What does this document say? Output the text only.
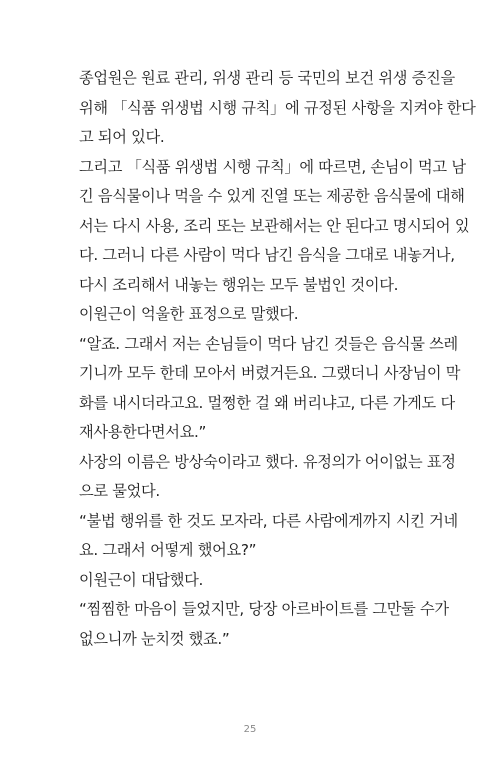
종업원은 원료 관리, 위생 관리 등 국민의 보건 위생 증진을
위해 「식품 위생법 시행 규칙」에 규정된 사항을 지켜야 한다
고 되어 있다.
그리고 「식품 위생법 시행 규칙」에 따르면, 손님이 먹고 남
긴 음식물이나 먹을 수 있게 진열 또는 제공한 음식물에 대해
서는 다시 사용, 조리 또는 보관해서는 안 된다고 명시되어 있
다. 그러니 다른 사람이 먹다 남긴 음식을 그대로 내놓거나,
다시 조리해서 내놓는 행위는 모두 불법인 것이다.
이원근이 억울한 표정으로 말했다.
“알죠. 그래서 저는 손님들이 먹다 남긴 것들은 음식물 쓰레
기니까 모두 한데 모아서 버렸거든요. 그랬더니 사장님이 막
화를 내시더라고요. 멀쩡한 걸 왜 버리냐고, 다른 가게도 다
재사용한다면서요.”
사장의 이름은 방상숙이라고 했다. 유정의가 어이없는 표정
으로 물었다.
“불법 행위를 한 것도 모자라, 다른 사람에게까지 시킨 거네
요. 그래서 어떻게 했어요?”
이원근이 대답했다.
“찜찜한 마음이 들었지만, 당장 아르바이트를 그만둘 수가
없으니까 눈치껏 했죠.”
25
